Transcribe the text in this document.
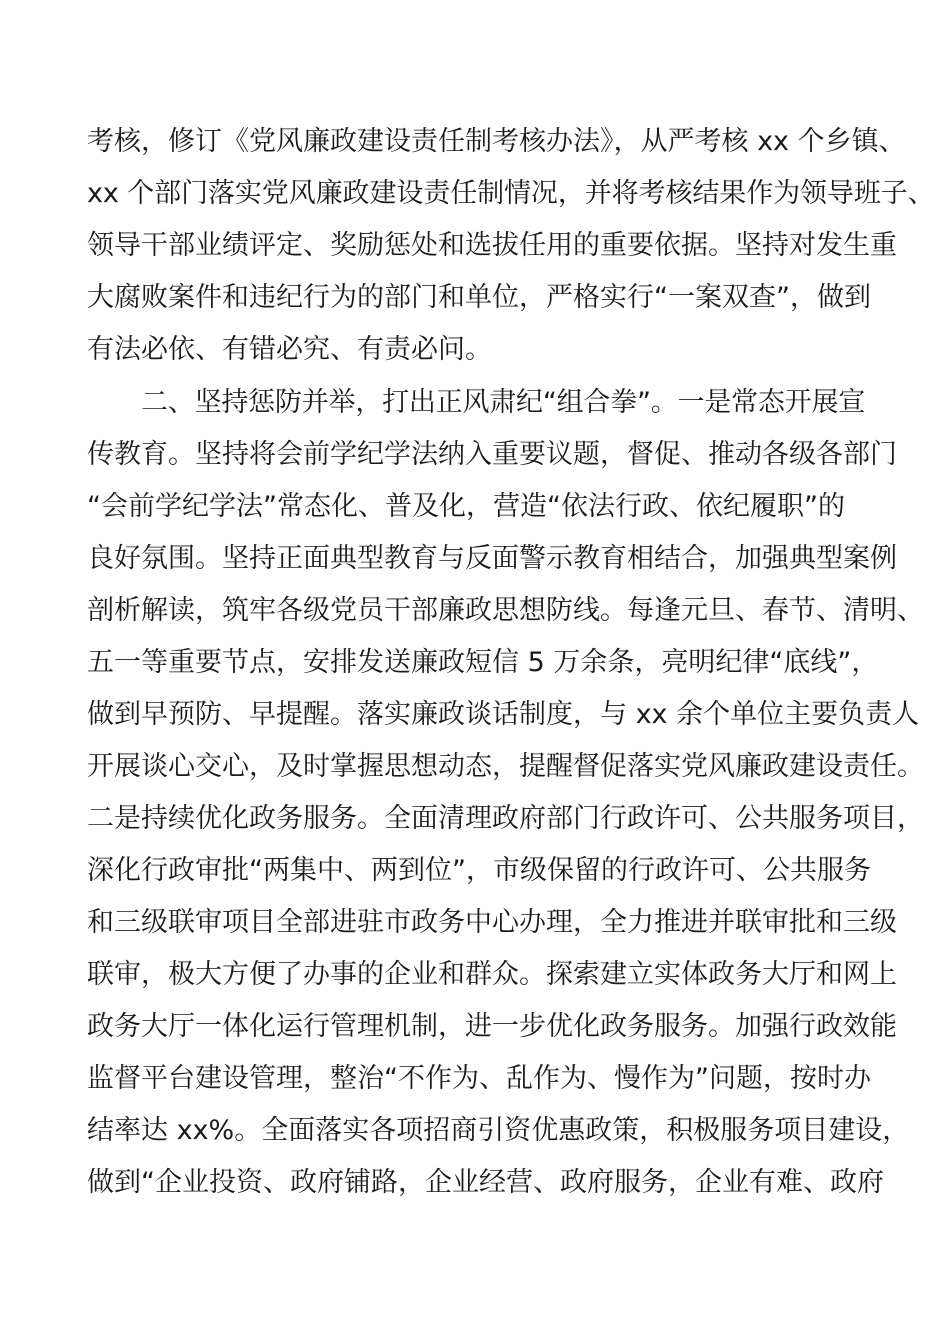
考核，修订《党风廉政建设责任制考核办法》，从严考核 xx 个乡镇、
xx 个部门落实党风廉政建设责任制情况，并将考核结果作为领导班子、
领导干部业绩评定、奖励惩处和选拔任用的重要依据。坚持对发生重
大腐败案件和违纪行为的部门和单位，严格实行“一案双查”，做到
有法必依、有错必究、有责必问。
二、坚持惩防并举，打出正风肃纪“组合拳”。一是常态开展宣
传教育。坚持将会前学纪学法纳入重要议题，督促、推动各级各部门
“会前学纪学法”常态化、普及化，营造“依法行政、依纪履职”的
良好氛围。坚持正面典型教育与反面警示教育相结合，加强典型案例
剖析解读，筑牢各级党员干部廉政思想防线。每逢元旦、春节、清明、
五一等重要节点，安排发送廉政短信 5 万余条，亮明纪律“底线”，
做到早预防、早提醒。落实廉政谈话制度，与 xx 余个单位主要负责人
开展谈心交心，及时掌握思想动态，提醒督促落实党风廉政建设责任。
二是持续优化政务服务。全面清理政府部门行政许可、公共服务项目，
深化行政审批“两集中、两到位”，市级保留的行政许可、公共服务
和三级联审项目全部进驻市政务中心办理，全力推进并联审批和三级
联审，极大方便了办事的企业和群众。探索建立实体政务大厅和网上
政务大厅一体化运行管理机制，进一步优化政务服务。加强行政效能
监督平台建设管理，整治“不作为、乱作为、慢作为”问题，按时办
结率达 xx%。全面落实各项招商引资优惠政策，积极服务项目建设，
做到“企业投资、政府铺路，企业经营、政府服务，企业有难、政府
